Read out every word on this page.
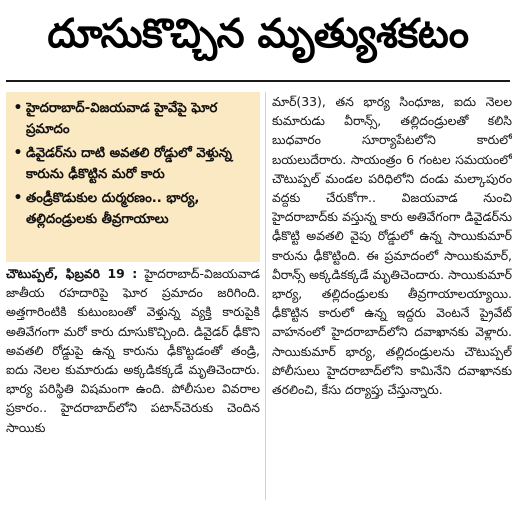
దూసుకొచ్చిన మృత్యుశకటం
• హైదరాబాద్‌-విజయవాడ హైవేపై ఘోర ప్రమాదం
• డివైడర్‌ను దాటి అవతలి రోడ్డులో వెళ్తున్న కారును ఢీకొట్టిన మరో కారు
• తండ్రీకొడుకుల దుర్మరణం.. భార్య, తల్లిదండ్రులకు తీవ్రగాయాలు
చౌటుప్పల్‌, ఫిబ్రవరి 19 : హైదరాబాద్‌-విజయవాడ జాతీయ రహదారిపై ఘోర ప్రమాదం జరిగింది. అత్తగారింటికి కుటుంబంతో వెళ్తున్న వ్యక్తి కారుపైకి అతివేగంగా మరో కారు దూసుకొచ్చింది. డివైడర్‌ ఢీకొని అవతలి రోడ్డుపై ఉన్న కారును ఢీకొట్టడంతో తండ్రి, ఐదు నెలల కుమారుడు అక్కడికక్కడే మృతిచెందారు. భార్య పరిస్థితి విషమంగా ఉంది. పోలీసుల వివరాల ప్రకారం.. హైదరాబాద్‌లోని పటాన్‌చెరుకు చెందిన సాయికు
మార్‌(33), తన భార్య సింధూజ, ఐదు నెలల కుమారుడు వీరాన్స్‌, తల్లిదండ్రులతో కలిసి బుధవారం సూర్యాపేటలోని కారులో బయలుదేరారు. సాయంత్రం 6 గంటల సమయంలో చౌటుప్పల్‌ మండల పరిధిలోని దండు మల్కాపురం వద్దకు చేరుకోగా.. విజయవాడ నుంచి హైదరాబాద్‌కు వస్తున్న కారు అతివేగంగా డివైడర్‌ను ఢీకొట్టి అవతలి వైపు రోడ్డులో ఉన్న సాయికుమార్‌ కారును ఢీకొట్టింది. ఈ ప్రమాదంలో సాయికుమార్‌, వీరాన్స్‌ అక్కడికక్కడే మృతిచెందారు. సాయికుమార్‌ భార్య, తల్లిదండ్రులకు తీవ్రగాయాలయ్యాయి. ఢీకొట్టిన కారులో ఉన్న ఇద్దరు వెంటనే ప్రైవేట్‌ వాహనంలో హైదరాబాద్‌లోని దవాఖానకు వెళ్లారు. సాయికుమార్‌ భార్య, తల్లిదండ్రులను చౌటుప్పల్‌ పోలీసులు హైదరాబాద్‌లోని కామినేని దవాఖానకు తరలించి, కేసు దర్యాప్తు చేస్తున్నారు.
